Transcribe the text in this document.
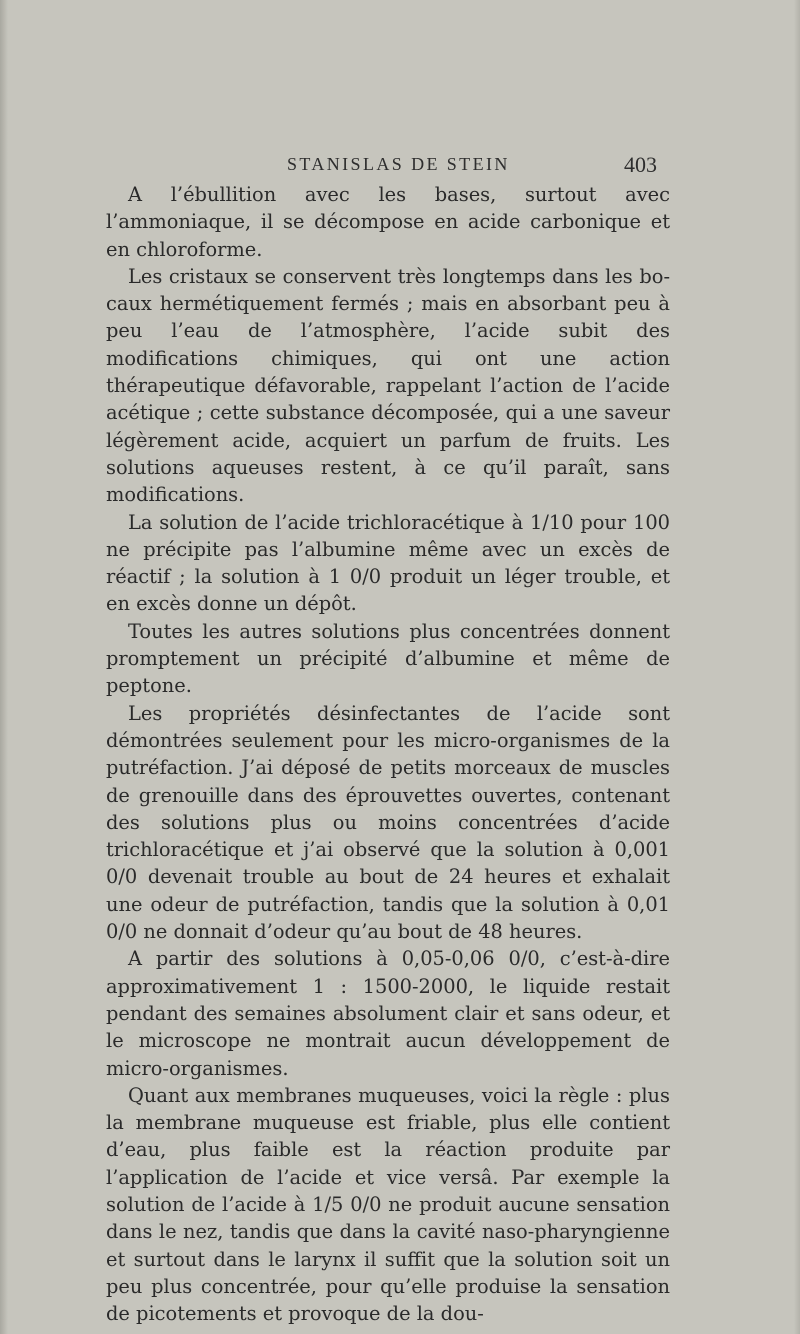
STANISLAS DE STEIN	403

A l’ébullition avec les bases, surtout avec l’ammoniaque, il se décompose en acide carbonique et en chloroforme.

Les cristaux se conservent très longtemps dans les bocaux hermétiquement fermés ; mais en absorbant peu à peu l’eau de l’atmosphère, l’acide subit des modifications chimiques, qui ont une action thérapeutique défavorable, rappelant l’action de l’acide acétique ; cette substance décomposée, qui a une saveur légèrement acide, acquiert un parfum de fruits. Les solutions aqueuses restent, à ce qu’il paraît, sans modifications.

La solution de l’acide trichloracétique à 1/10 pour 100 ne précipite pas l’albumine même avec un excès de réactif ; la solution à 1 0/0 produit un léger trouble, et en excès donne un dépôt.

Toutes les autres solutions plus concentrées donnent promptement un précipité d’albumine et même de peptone.

Les propriétés désinfectantes de l’acide sont démontrées seulement pour les micro-organismes de la putréfaction. J’ai déposé de petits morceaux de muscles de grenouille dans des éprouvettes ouvertes, contenant des solutions plus ou moins concentrées d’acide trichloracétique et j’ai observé que la solution à 0,001 0/0 devenait trouble au bout de 24 heures et exhalait une odeur de putréfaction, tandis que la solution à 0,01 0/0 ne donnait d’odeur qu’au bout de 48 heures.

A partir des solutions à 0,05-0,06 0/0, c’est-à-dire approximativement 1 : 1500-2000, le liquide restait pendant des semaines absolument clair et sans odeur, et le microscope ne montrait aucun développement de micro-organismes.

Quant aux membranes muqueuses, voici la règle : plus la membrane muqueuse est friable, plus elle contient d’eau, plus faible est la réaction produite par l’application de l’acide et vice versâ. Par exemple la solution de l’acide à 1/5 0/0 ne produit aucune sensation dans le nez, tandis que dans la cavité naso-pharyngienne et surtout dans le larynx il suffit que la solution soit un peu plus concentrée, pour qu’elle produise la sensation de picotements et provoque de la dou-
